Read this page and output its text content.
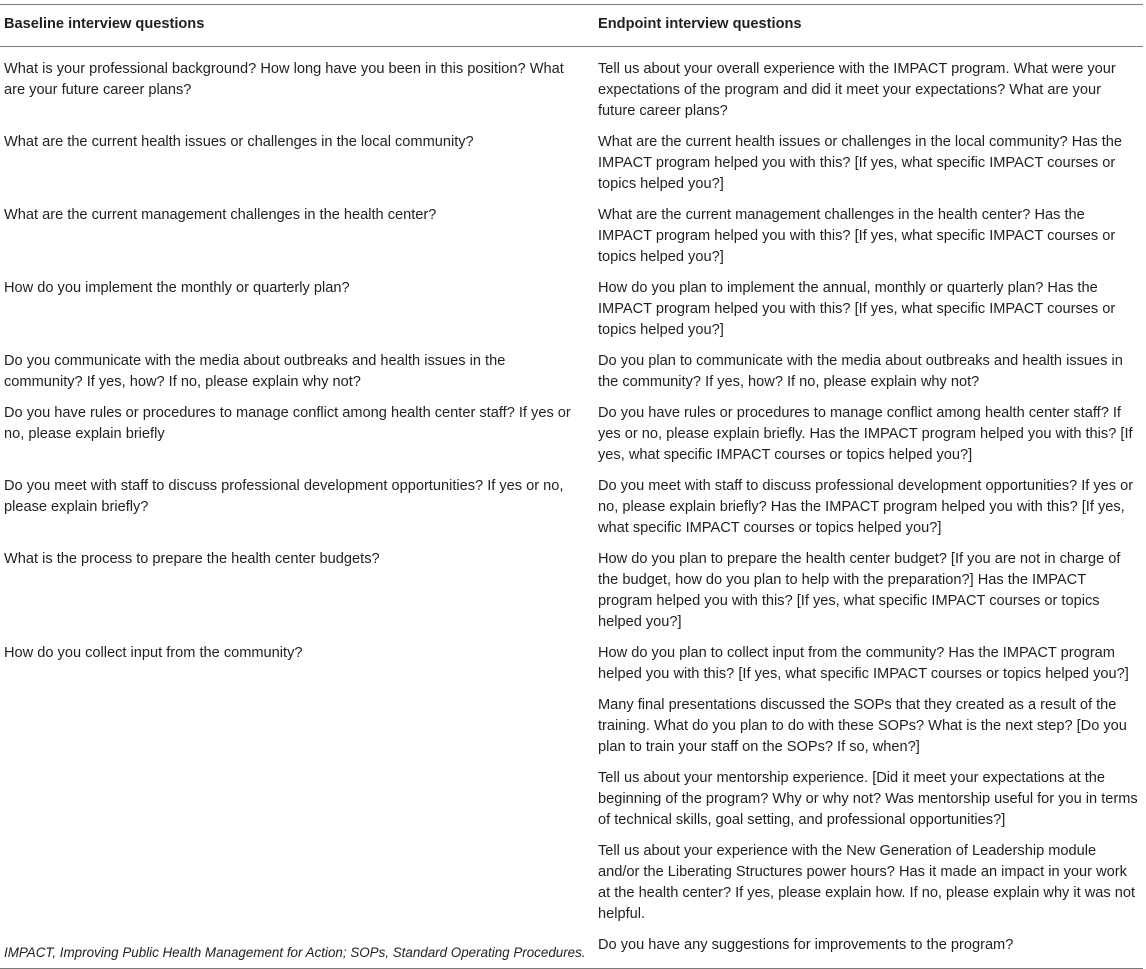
Baseline interview questions	Endpoint interview questions
What is your professional background? How long have you been in this position? What are your future career plans?	Tell us about your overall experience with the IMPACT program. What were your expectations of the program and did it meet your expectations? What are your future career plans?
What are the current health issues or challenges in the local community?	What are the current health issues or challenges in the local community? Has the IMPACT program helped you with this? [If yes, what specific IMPACT courses or topics helped you?]
What are the current management challenges in the health center?	What are the current management challenges in the health center? Has the IMPACT program helped you with this? [If yes, what specific IMPACT courses or topics helped you?]
How do you implement the monthly or quarterly plan?	How do you plan to implement the annual, monthly or quarterly plan? Has the IMPACT program helped you with this? [If yes, what specific IMPACT courses or topics helped you?]
Do you communicate with the media about outbreaks and health issues in the community? If yes, how? If no, please explain why not?	Do you plan to communicate with the media about outbreaks and health issues in the community? If yes, how? If no, please explain why not?
Do you have rules or procedures to manage conflict among health center staff? If yes or no, please explain briefly	Do you have rules or procedures to manage conflict among health center staff? If yes or no, please explain briefly. Has the IMPACT program helped you with this? [If yes, what specific IMPACT courses or topics helped you?]
Do you meet with staff to discuss professional development opportunities? If yes or no, please explain briefly?	Do you meet with staff to discuss professional development opportunities? If yes or no, please explain briefly? Has the IMPACT program helped you with this? [If yes, what specific IMPACT courses or topics helped you?]
What is the process to prepare the health center budgets?	How do you plan to prepare the health center budget? [If you are not in charge of the budget, how do you plan to help with the preparation?] Has the IMPACT program helped you with this? [If yes, what specific IMPACT courses or topics helped you?]
How do you collect input from the community?	How do you plan to collect input from the community? Has the IMPACT program helped you with this? [If yes, what specific IMPACT courses or topics helped you?]
	Many final presentations discussed the SOPs that they created as a result of the training. What do you plan to do with these SOPs? What is the next step? [Do you plan to train your staff on the SOPs? If so, when?]
	Tell us about your mentorship experience. [Did it meet your expectations at the beginning of the program? Why or why not? Was mentorship useful for you in terms of technical skills, goal setting, and professional opportunities?]
	Tell us about your experience with the New Generation of Leadership module and/or the Liberating Structures power hours? Has it made an impact in your work at the health center? If yes, please explain how. If no, please explain why it was not helpful.
	Do you have any suggestions for improvements to the program?
IMPACT, Improving Public Health Management for Action; SOPs, Standard Operating Procedures.
